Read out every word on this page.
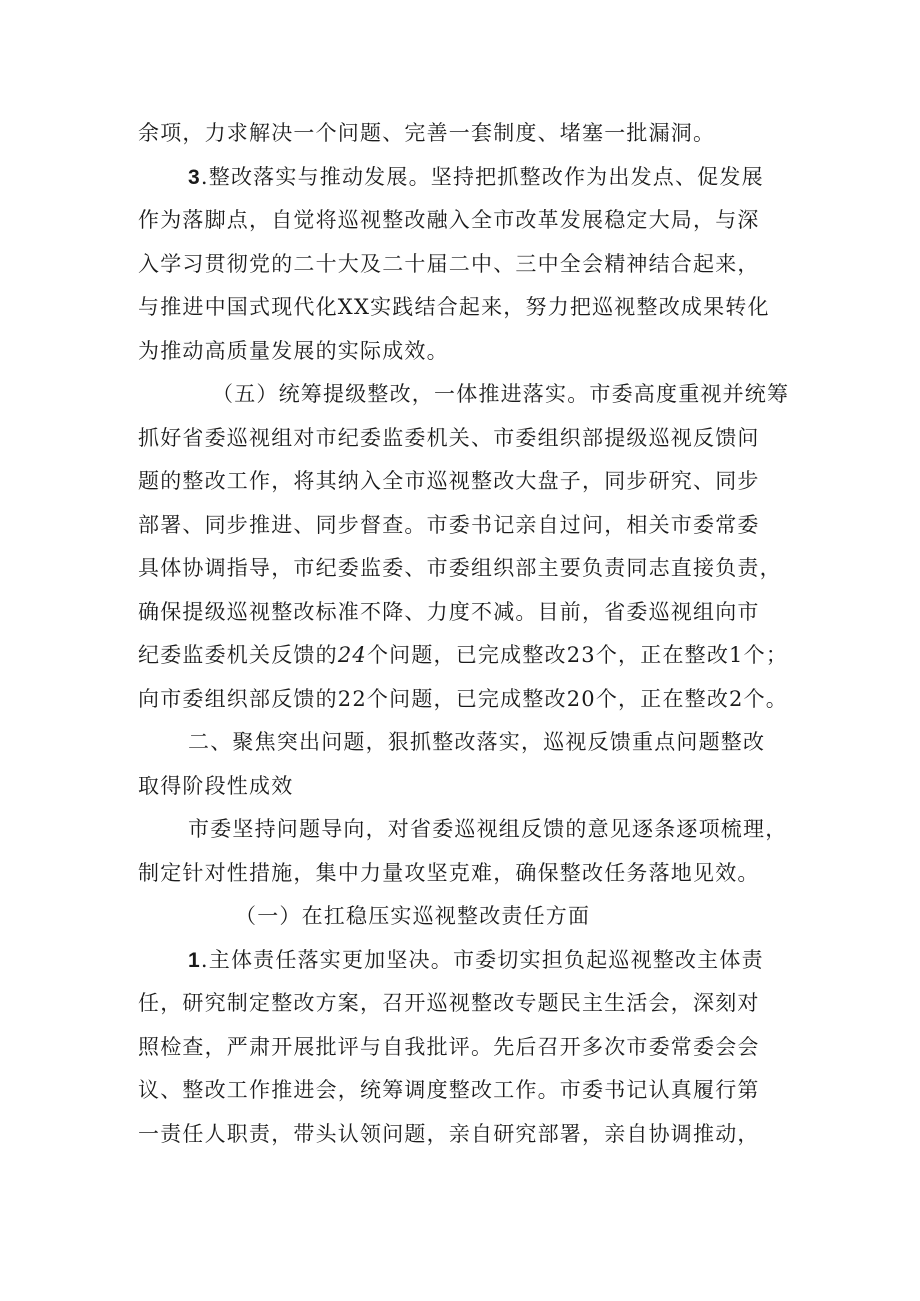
余项，力求解决一个问题、完善一套制度、堵塞一批漏洞。
3.整改落实与推动发展。坚持把抓整改作为出发点、促发展
作为落脚点，自觉将巡视整改融入全市改革发展稳定大局，与深
入学习贯彻党的二十大及二十届二中、三中全会精神结合起来，
与推进中国式现代化XX实践结合起来，努力把巡视整改成果转化
为推动高质量发展的实际成效。
（五）统筹提级整改，一体推进落实。市委高度重视并统筹
抓好省委巡视组对市纪委监委机关、市委组织部提级巡视反馈问
题的整改工作，将其纳入全市巡视整改大盘子，同步研究、同步
部署、同步推进、同步督查。市委书记亲自过问，相关市委常委
具体协调指导，市纪委监委、市委组织部主要负责同志直接负责，
确保提级巡视整改标准不降、力度不减。目前，省委巡视组向市
纪委监委机关反馈的24个问题，已完成整改23个，正在整改1个；
向市委组织部反馈的22个问题，已完成整改20个，正在整改2个。
二、聚焦突出问题，狠抓整改落实，巡视反馈重点问题整改
取得阶段性成效
市委坚持问题导向，对省委巡视组反馈的意见逐条逐项梳理，
制定针对性措施，集中力量攻坚克难，确保整改任务落地见效。
（一）在扛稳压实巡视整改责任方面
1.主体责任落实更加坚决。市委切实担负起巡视整改主体责
任，研究制定整改方案，召开巡视整改专题民主生活会，深刻对
照检查，严肃开展批评与自我批评。先后召开多次市委常委会会
议、整改工作推进会，统筹调度整改工作。市委书记认真履行第
一责任人职责，带头认领问题，亲自研究部署，亲自协调推动，
